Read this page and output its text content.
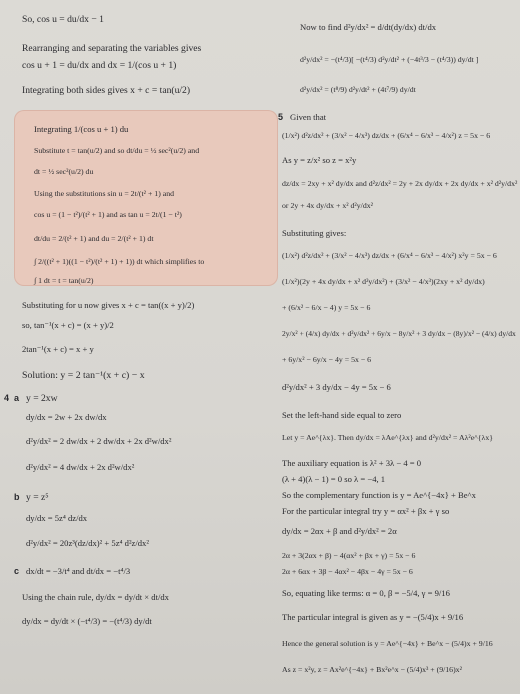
So, cos u = du/dx − 1
Rearranging and separating the variables gives
cos u + 1 = du/dx and dx = 1/(cos u + 1)
Integrating both sides gives x + c = tan(u/2)
Integrating 1/(cos u + 1) du
Substitute t = tan(u/2) and so dt/du = ½ sec²(u/2) and
dt = ½ sec²(u/2) du
Using the substitutions sin u = 2t/(t² + 1) and
cos u = (1 − t²)/(t² + 1) and as tan u = 2t/(1 − t²)
dt/du = 2/(t² + 1) and du = 2/(t² + 1) dt
∫ 2/((t² + 1)((1 − t²)/(t² + 1) + 1)) dt which simplifies to
∫ 1 dt = t = tan(u/2)
Substituting for u now gives x + c = tan((x + y)/2)
so, tan⁻¹(x + c) = (x + y)/2
2tan⁻¹(x + c) = x + y
Solution: y = 2 tan⁻¹(x + c) − x
4 a y = 2xw
dy/dx = 2w + 2x dw/dx
d²y/dx² = 2 dw/dx + 2 dw/dx + 2x d²w/dx²
d²y/dx² = 4 dw/dx + 2x d²w/dx²
b y = z⁵
dy/dx = 5z⁴ dz/dx
d²y/dx² = 20z³(dz/dx)² + 5z⁴ d²z/dx²
c dx/dt = −3/t⁴ and dt/dx = −t⁴/3
Using the chain rule, dy/dx = dy/dt × dt/dx
dy/dx = dy/dt × (−t⁴/3) = −(t⁴/3) dy/dt
Now to find d²y/dx² = d/dt(dy/dx) dt/dx
d²y/dx² = −(t⁴/3)[ −(t⁴/3) d²y/dt² + (−4t³/3 − (t⁴/3)) dy/dt ]
d²y/dx² = (t⁸/9) d²y/dt² + (4t⁷/9) dy/dt
5 Given that
(1/x²) d²z/dx² + (3/x² − 4/x³) dz/dx + (6/x⁴ − 6/x³ − 4/x²) z = 5x − 6
As y = z/x² so z = x²y
dz/dx = 2xy + x² dy/dx and d²z/dx² = 2y + 2x dy/dx + 2x dy/dx + x² d²y/dx²
or 2y + 4x dy/dx + x² d²y/dx²
Substituting gives:
(1/x²) d²z/dx² + (3/x² − 4/x³) dz/dx + (6/x⁴ − 6/x³ − 4/x²) x²y = 5x − 6
(1/x²)(2y + 4x dy/dx + x² d²y/dx²) + (3/x² − 4/x³)(2xy + x² dy/dx)
+ (6/x² − 6/x − 4) y = 5x − 6
2y/x² + (4/x) dy/dx + d²y/dx² + 6y/x − 8y/x² + 3 dy/dx − (8y)/x² − (4/x) dy/dx
+ 6y/x² − 6y/x − 4y = 5x − 6
d²y/dx² + 3 dy/dx − 4y = 5x − 6
Set the left-hand side equal to zero
Let y = Ae^{λx}. Then dy/dx = λAe^{λx} and d²y/dx² = Aλ²e^{λx}
The auxiliary equation is λ² + 3λ − 4 = 0
(λ + 4)(λ − 1) = 0 so λ = −4, 1
So the complementary function is y = Ae^{−4x} + Be^x
For the particular integral try y = αx² + βx + γ so
dy/dx = 2αx + β and d²y/dx² = 2α
2α + 3(2αx + β) − 4(αx² + βx + γ) = 5x − 6
2α + 6αx + 3β − 4αx² − 4βx − 4γ = 5x − 6
So, equating like terms: α = 0, β = −5/4, γ = 9/16
The particular integral is given as y = −(5/4)x + 9/16
Hence the general solution is y = Ae^{−4x} + Be^x − (5/4)x + 9/16
As z = x²y, z = Ax²e^{−4x} + Bx²e^x − (5/4)x³ + (9/16)x²
